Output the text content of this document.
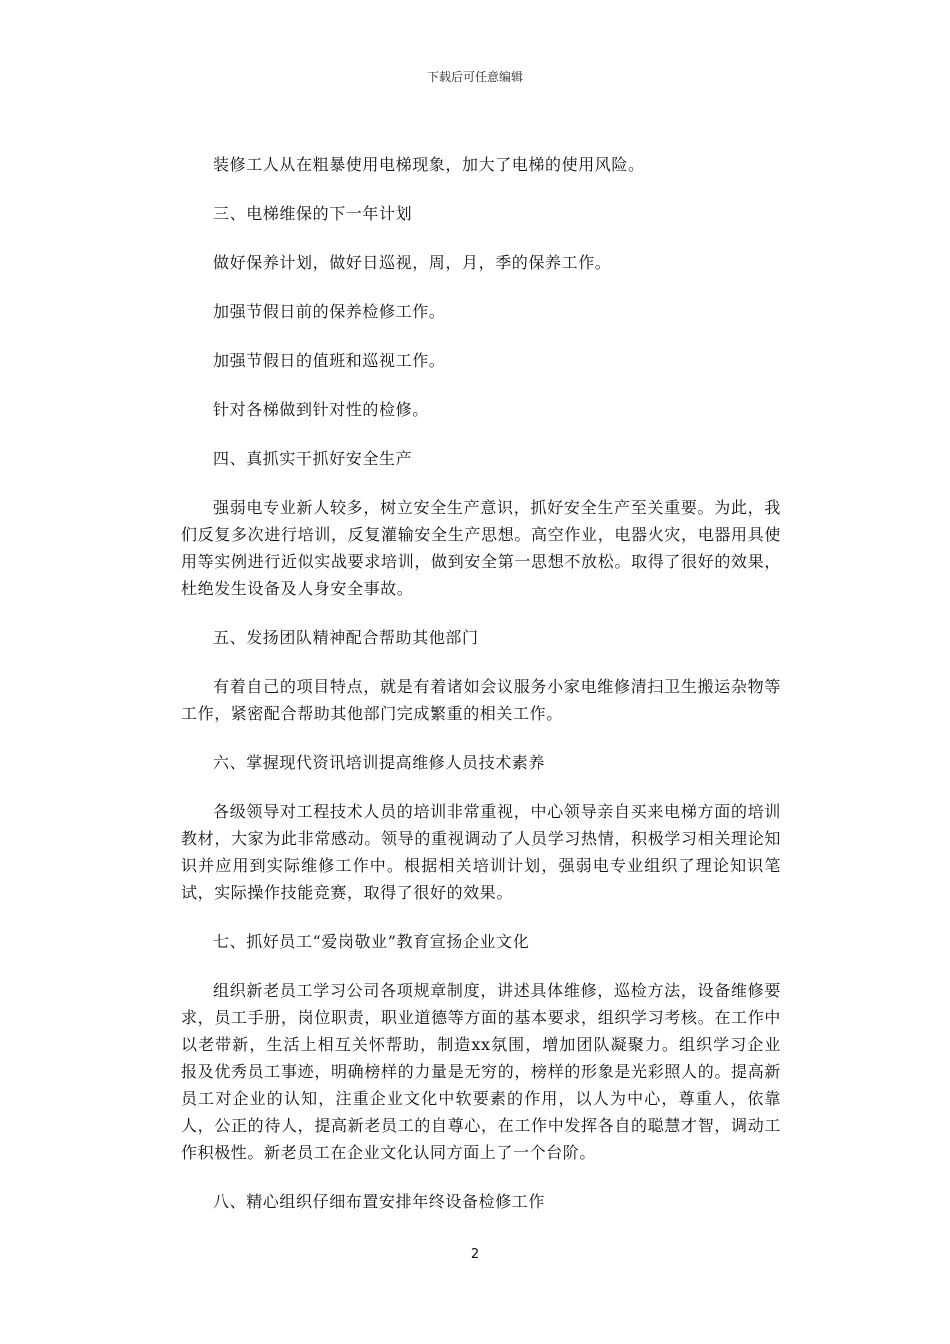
下载后可任意编辑

装修工人从在粗暴使用电梯现象，加大了电梯的使用风险。

三、电梯维保的下一年计划

做好保养计划，做好日巡视，周，月，季的保养工作。

加强节假日前的保养检修工作。

加强节假日的值班和巡视工作。

针对各梯做到针对性的检修。

四、真抓实干抓好安全生产

强弱电专业新人较多，树立安全生产意识，抓好安全生产至关重要。为此，我们反复多次进行培训，反复灌输安全生产思想。高空作业，电器火灾，电器用具使用等实例进行近似实战要求培训，做到安全第一思想不放松。取得了很好的效果，杜绝发生设备及人身安全事故。

五、发扬团队精神配合帮助其他部门

有着自己的项目特点，就是有着诸如会议服务小家电维修清扫卫生搬运杂物等工作，紧密配合帮助其他部门完成繁重的相关工作。

六、掌握现代资讯培训提高维修人员技术素养

各级领导对工程技术人员的培训非常重视，中心领导亲自买来电梯方面的培训教材，大家为此非常感动。领导的重视调动了人员学习热情，积极学习相关理论知识并应用到实际维修工作中。根据相关培训计划，强弱电专业组织了理论知识笔试，实际操作技能竞赛，取得了很好的效果。

七、抓好员工“爱岗敬业”教育宣扬企业文化

组织新老员工学习公司各项规章制度，讲述具体维修，巡检方法，设备维修要求，员工手册，岗位职责，职业道德等方面的基本要求，组织学习考核。在工作中以老带新，生活上相互关怀帮助，制造xx氛围，增加团队凝聚力。组织学习企业报及优秀员工事迹，明确榜样的力量是无穷的，榜样的形象是光彩照人的。提高新员工对企业的认知，注重企业文化中软要素的作用，以人为中心，尊重人，依靠人，公正的待人，提高新老员工的自尊心，在工作中发挥各自的聪慧才智，调动工作积极性。新老员工在企业文化认同方面上了一个台阶。

八、精心组织仔细布置安排年终设备检修工作

2
